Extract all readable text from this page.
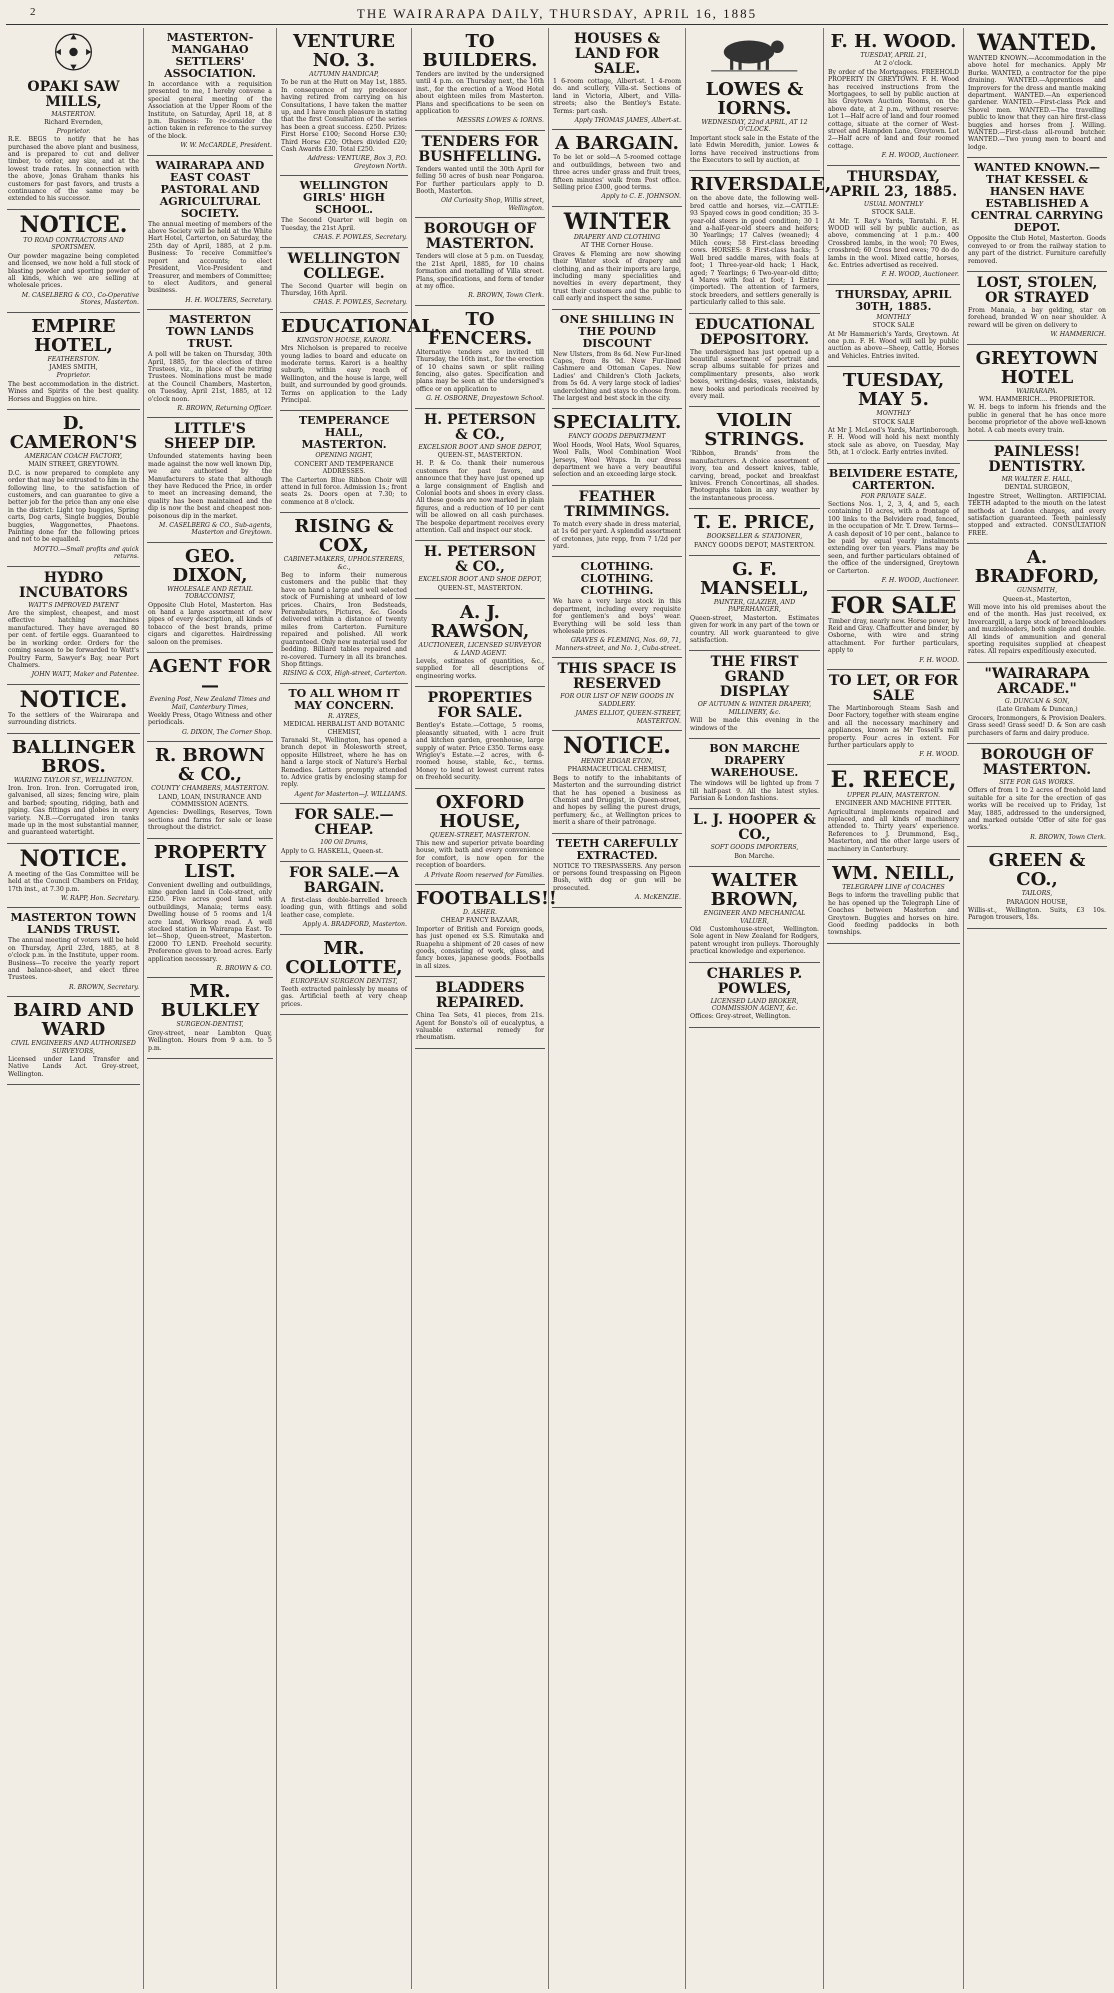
2	THE WAIRARAPA DAILY, THURSDAY, APRIL 16, 1885
OPAKI SAW MILLS,
MASTERTON.
Richard Evernden,
Proprietor.

R.E. BEGS to notify that he has purchased the above plant and business, and is prepared to cut and deliver timber, to order, any size, and at the lowest trade rates. In connection with the above, Jonas Graham thanks his customers for past favors, and trusts a continuance of the same may be extended to his successor.

NOTICE.
TO ROAD CONTRACTORS AND SPORTSMEN.

Our powder magazine being completed and licensed, we now hold a full stock of blasting powder and sporting powder of all kinds, which we are selling at wholesale prices.

M. CASELBERG & CO., Co-Operative Stores, Masterton.
EMPIRE HOTEL,
FEATHERSTON.
JAMES SMITH,
Proprietor.

The best accommodation in the district. Wines and Spirits of the best quality. Horses and Buggies on hire.

D. CAMERON'S
AMERICAN COACH FACTORY,
MAIN STREET, GREYTOWN.

D.C. is now prepared to complete any order that may be entrusted to him in the following line, to the satisfaction of customers, and can guarantee to give a better job for the price than any one else in the district: Light top buggies, Spring carts, Dog carts, Single buggies, Double buggies, Waggonettes, Phaetons. Painting done for the following prices and not to be equalled.

MOTTO.—Small profits and quick returns.
HYDRO INCUBATORS
WATT'S IMPROVED PATENT

Are the simplest, cheapest, and most effective hatching machines manufactured. They have averaged 80 per cent. of fertile eggs. Guaranteed to be in working order. Orders for the coming season to be forwarded to Watt's Poultry Farm, Sawyer's Bay, near Port Chalmers.

JOHN WATT, Maker and Patentee.
NOTICE.

To the settlers of the Wairarapa and surrounding districts.

BALLINGER BROS.
WARING TAYLOR ST., WELLINGTON.

Iron. Iron. Iron. Iron. Corrugated iron, galvanised, all sizes; fencing wire, plain and barbed; spouting, ridging, bath and piping. Gas fittings and globes in every variety. N.B.—Corrugated iron tanks made up in the most substantial manner, and guaranteed watertight.

NOTICE.

A meeting of the Gas Committee will be held at the Council Chambers on Friday, 17th inst., at 7.30 p.m.

W. RAPP, Hon. Secretary.
MASTERTON TOWN LANDS TRUST.

The annual meeting of voters will be held on Thursday, April 23rd, 1885, at 8 o'clock p.m. in the Institute, upper room. Business—To receive the yearly report and balance-sheet, and elect three Trustees.

R. BROWN, Secretary.
BAIRD AND WARD
CIVIL ENGINEERS AND AUTHORISED SURVEYORS,

Licensed under Land Transfer and Native Lands Act. Grey-street, Wellington.

MASTERTON-MANGAHAO SETTLERS' ASSOCIATION.

In accordance with a requisition presented to me, I hereby convene a special general meeting of the Association at the Upper Room of the Institute, on Saturday, April 18, at 8 p.m. Business: To re-consider the action taken in reference to the survey of the block.

W. W. McCARDLE, President.
WAIRARAPA AND EAST COAST PASTORAL AND AGRICULTURAL SOCIETY.

The annual meeting of members of the above Society will be held at the White Hart Hotel, Carterton, on Saturday, the 25th day of April, 1885, at 2 p.m. Business: To receive Committee's report and accounts; to elect President, Vice-President and Treasurer, and members of Committee; to elect Auditors, and general business.

H. H. WOLTERS, Secretary.
MASTERTON TOWN LANDS TRUST.

A poll will be taken on Thursday, 30th April, 1885, for the election of three Trustees, viz., in place of the retiring Trustees. Nominations must be made at the Council Chambers, Masterton, on Tuesday, April 21st, 1885, at 12 o'clock noon.

R. BROWN, Returning Officer.
LITTLE'S SHEEP DIP.

Unfounded statements having been made against the now well known Dip, we are authorised by the Manufacturers to state that although they have Reduced the Price, in order to meet an increasing demand, the quality has been maintained and the dip is now the best and cheapest non-poisonous dip in the market.

M. CASELBERG & CO., Sub-agents, Masterton and Greytown.
GEO. DIXON,
WHOLESALE AND RETAIL TOBACCONIST,

Opposite Club Hotel, Masterton. Has on hand a large assortment of new pipes of every description, all kinds of tobacco of the best brands, prime cigars and cigarettes. Hairdressing saloon on the premises.

AGENT FOR—
Evening Post, New Zealand Times and Mail, Canterbury Times,

Weekly Press, Otago Witness and other periodicals.

G. DIXON, The Corner Shop.
R. BROWN & CO.,
COUNTY CHAMBERS, MASTERTON.
LAND, LOAN, INSURANCE AND COMMISSION AGENTS.

Agencies: Dwellings, Reserves, Town sections and farms for sale or lease throughout the district.

PROPERTY LIST.

Convenient dwelling and outbuildings, nine garden land in Cole-street, only £250. Five acres good land with outbuildings, Manaia; terms easy. Dwelling house of 5 rooms and 1/4 acre land, Worksop road. A well stocked station in Wairarapa East. To let—Shop, Queen-street, Masterton. £2000 TO LEND. Freehold security. Preference given to broad acres. Early application necessary.

R. BROWN & CO.
MR. BULKLEY
SURGEON-DENTIST,

Grey-street, near Lambton Quay, Wellington. Hours from 9 a.m. to 5 p.m.

VENTURE NO. 3.
AUTUMN HANDICAP,

To be run at the Hutt on May 1st, 1885. In consequence of my predecessor having retired from carrying on his Consultations, I have taken the matter up, and I have much pleasure in stating that the first Consultation of the series has been a great success. £250. Prizes: First Horse £100; Second Horse £30; Third Horse £20; Others divided £20; Cash Awards £30. Total £250.

Address: VENTURE, Box 3, P.O. Greytown North.
WELLINGTON GIRLS' HIGH SCHOOL.

The Second Quarter will begin on Tuesday, the 21st April.

CHAS. F. POWLES, Secretary.
WELLINGTON COLLEGE.

The Second Quarter will begin on Thursday, 16th April.

CHAS. F. POWLES, Secretary.
EDUCATIONAL.
KINGSTON HOUSE, KARORI.

Mrs Nicholson is prepared to receive young ladies to board and educate on moderate terms. Karori is a healthy suburb, within easy reach of Wellington, and the house is large, well built, and surrounded by good grounds. Terms on application to the Lady Principal.

TEMPERANCE HALL, MASTERTON.
OPENING NIGHT,
CONCERT AND TEMPERANCE ADDRESSES.

The Carterton Blue Ribbon Choir will attend in full force. Admission 1s.; front seats 2s. Doors open at 7.30; to commence at 8 o'clock.

RISING & COX,
CABINET-MAKERS, UPHOLSTERERS, &c.,

Beg to inform their numerous customers and the public that they have on hand a large and well selected stock of Furnishing at unheard of low prices. Chairs, Iron Bedsteads, Perambulators, Pictures, &c. Goods delivered within a distance of twenty miles from Carterton. Furniture repaired and polished. All work guaranteed. Only new material used for bedding. Billiard tables repaired and re-covered. Turnery in all its branches. Shop fittings.

RISING & COX, High-street, Carterton.
TO ALL WHOM IT MAY CONCERN.
R. AYRES,
MEDICAL HERBALIST AND BOTANIC CHEMIST,

Taranaki St., Wellington, has opened a branch depot in Molesworth street, opposite Hillstreet, where he has on hand a large stock of Nature's Herbal Remedies. Letters promptly attended to. Advice gratis by enclosing stamp for reply.

Agent for Masterton—J. WILLIAMS.
FOR SALE.—CHEAP.
100 Oil Drums,

Apply to G. HASKELL, Queen-st.

FOR SALE.—A BARGAIN.

A first-class double-barrelled breech loading gun, with fittings and solid leather case, complete.

Apply A. BRADFORD, Masterton.
MR. COLLOTTE,
EUROPEAN SURGEON DENTIST,

Teeth extracted painlessly by means of gas. Artificial teeth at very cheap prices.

TO BUILDERS.

Tenders are invited by the undersigned until 4 p.m. on Thursday next, the 16th inst., for the erection of a Wood Hotel about eighteen miles from Masterton. Plans and specifications to be seen on application to

MESSRS LOWES & IORNS.
TENDERS FOR BUSHFELLING.

Tenders wanted until the 30th April for felling 50 acres of bush near Pongaroa. For further particulars apply to D. Booth, Masterton.

Old Curiosity Shop, Willis street, Wellington.
BOROUGH OF MASTERTON.

Tenders will close at 5 p.m. on Tuesday, the 21st April, 1885, for 10 chains formation and metalling of Villa street. Plans, specifications, and form of tender at my office.

R. BROWN, Town Clerk.
TO FENCERS.

Alternative tenders are invited till Thursday, the 16th inst., for the erection of 10 chains sawn or split railing fencing, also gates. Specification and plans may be seen at the undersigned's office or on application to

G. H. OSBORNE, Drayestown School.
H. PETERSON & CO.,
EXCELSIOR BOOT AND SHOE DEPOT,
QUEEN-ST., MASTERTON.

H. P. & Co. thank their numerous customers for past favors, and announce that they have just opened up a large consignment of English and Colonial boots and shoes in every class. All these goods are now marked in plain figures, and a reduction of 10 per cent will be allowed on all cash purchases. The bespoke department receives every attention. Call and inspect our stock.

H. PETERSON & CO.,
EXCELSIOR BOOT AND SHOE DEPOT,
QUEEN-ST., MASTERTON.

A. J. RAWSON,
AUCTIONEER, LICENSED SURVEYOR & LAND AGENT.

Levels, estimates of quantities, &c., supplied for all descriptions of engineering works.

PROPERTIES FOR SALE.

Bentley's Estate.—Cottage, 5 rooms, pleasantly situated, with 1 acre fruit and kitchen garden, greenhouse, large supply of water. Price £350. Terms easy. Wrigley's Estate.—2 acres, with 6-roomed house, stable, &c., terms. Money to lend at lowest current rates on freehold security.

OXFORD HOUSE,
QUEEN-STREET, MASTERTON.

This new and superior private boarding house, with bath and every convenience for comfort, is now open for the reception of boarders.

A Private Room reserved for Families.
FOOTBALLS!!
D. ASHER.
CHEAP FANCY BAZAAR,

Importer of British and Foreign goods, has just opened ex S.S. Rimutaka and Ruapehu a shipment of 20 cases of new goods, consisting of work, glass, and fancy boxes, japanese goods. Footballs in all sizes.

BLADDERS REPAIRED.

China Tea Sets, 41 pieces, from 21s. Agent for Bonsto's oil of eucalyptus, a valuable external remedy for rheumatism.

HOUSES & LAND FOR SALE.

1 6-room cottage, Albert-st. 1 4-room do. and scullery, Villa-st. Sections of land in Victoria, Albert, and Villa-streets; also the Bentley's Estate. Terms: part cash.

Apply THOMAS JAMES, Albert-st.
A BARGAIN.

To be let or sold—A 5-roomed cottage and outbuildings, between two and three acres under grass and fruit trees, fifteen minutes' walk from Post office. Selling price £300, good terms.

Apply to C. E. JOHNSON.
WINTER
DRAPERY AND CLOTHING
AT THE Corner House.

Graves & Fleming are now showing their Winter stock of drapery and clothing, and as their imports are large, including many specialities and novelties in every department, they trust their customers and the public to call early and inspect the same.

ONE SHILLING IN THE POUND DISCOUNT

New Ulsters, from 8s 6d. New Fur-lined Capes, from 8s 9d. New Fur-lined Cashmere and Ottoman Capes. New Ladies' and Children's Cloth Jackets, from 5s 6d. A very large stock of ladies' underclothing and stays to choose from. The largest and best stock in the city.

SPECIALITY.
FANCY GOODS DEPARTMENT

Wool Hoods, Wool Hats, Wool Squares, Wool Falls, Wool Combination Wool Jerseys, Wool Wraps. In our dress department we have a very beautiful selection and an exceeding large stock.

FEATHER TRIMMINGS.

To match every shade in dress material, at 1s 6d per yard. A splendid assortment of cretonnes, jute repp, from 7 1/2d per yard.

CLOTHING. CLOTHING. CLOTHING.

We have a very large stock in this department, including every requisite for gentlemen's and boys' wear. Everything will be sold less than wholesale prices.

GRAVES & FLEMING, Nos. 69, 71, Manners-street, and No. 1, Cuba-street.
THIS SPACE IS RESERVED
FOR OUR LIST OF NEW GOODS IN SADDLERY.

JAMES ELLIOT, QUEEN-STREET, MASTERTON.
NOTICE.
HENRY EDGAR ETON,
PHARMACEUTICAL CHEMIST,

Begs to notify to the inhabitants of Masterton and the surrounding district that he has opened a business as Chemist and Druggist, in Queen-street, and hopes by selling the purest drugs, perfumery, &c., at Wellington prices to merit a share of their patronage.

TEETH CAREFULLY EXTRACTED.

NOTICE TO TRESPASSERS. Any person or persons found trespassing on Pigeon Bush, with dog or gun will be prosecuted.

A. McKENZIE.
LOWES & IORNS.
WEDNESDAY, 22nd APRIL, AT 12 O'CLOCK.

Important stock sale in the Estate of the late Edwin Meredith, junior. Lowes & Iorns have received instructions from the Executors to sell by auction, at

RIVERSDALE,

on the above date, the following well-bred cattle and horses, viz.—CATTLE: 93 Spayed cows in good condition; 35 3-year-old steers in good condition; 30 1 and a-half-year-old steers and heifers; 30 Yearlings; 17 Calves (weaned); 4 Milch cows; 58 First-class breeding cows. HORSES: 8 First-class hacks; 5 Well bred saddle mares, with foals at foot; 1 Three-year-old hack; 1 Hack, aged; 7 Yearlings; 6 Two-year-old ditto; 4 Mares with foal at foot; 1 Entire (imported). The attention of farmers, stock breeders, and settlers generally is particularly called to this sale.

EDUCATIONAL DEPOSITORY.

The undersigned has just opened up a beautiful assortment of portrait and scrap albums suitable for prizes and complimentary presents, also work boxes, writing-desks, vases, inkstands, new books and periodicals received by every mail.

VIOLIN STRINGS.

'Ribbon, Brands' from the manufacturers. A choice assortment of ivory, tea and dessert knives, table, carving, bread, pocket and breakfast knives. French Concertinas, all shades. Photographs taken in any weather by the instantaneous process.

T. E. PRICE,
BOOKSELLER & STATIONER,
FANCY GOODS DEPOT, MASTERTON.

G. F. MANSELL,
PAINTER, GLAZIER, AND PAPERHANGER,

Queen-street, Masterton. Estimates given for work in any part of the town or country. All work guaranteed to give satisfaction.

THE FIRST GRAND DISPLAY
OF AUTUMN & WINTER DRAPERY, MILLINERY, &c.

Will be made this evening in the windows of the

BON MARCHE DRAPERY WAREHOUSE.

The windows will be lighted up from 7 till half-past 9. All the latest styles. Parisian & London fashions.

L. J. HOOPER & CO.,
SOFT GOODS IMPORTERS,
Bon Marche.

WALTER BROWN,
ENGINEER AND MECHANICAL VALUER,

Old Customhouse-street, Wellington. Sole agent in New Zealand for Rodgers, patent wrought iron pulleys. Thoroughly practical knowledge and experience.

CHARLES P. POWLES,
LICENSED LAND BROKER, COMMISSION AGENT, &c.

Offices: Grey-street, Wellington.

F. H. WOOD.
TUESDAY, APRIL 21,
At 2 o'clock.

By order of the Mortgagees. FREEHOLD PROPERTY IN GREYTOWN. F. H. Wood has received instructions from the Mortgagees, to sell by public auction at his Greytown Auction Rooms, on the above date, at 2 p.m., without reserve: Lot 1—Half acre of land and four roomed cottage, situate at the corner of West-street and Hampden Lane, Greytown. Lot 2—Half acre of land and four roomed cottage.

F. H. WOOD, Auctioneer.
THURSDAY, APRIL 23, 1885.
USUAL MONTHLY
STOCK SALE.

At Mr. T. Ray's Yards, Taratahi. F. H. WOOD will sell by public auction, as above, commencing at 1 p.m.: 400 Crossbred lambs, in the wool; 70 Ewes, crossbred; 60 Cross bred ewes; 70 do do lambs in the wool. Mixed cattle, horses, &c. Entries advertised as received.

F. H. WOOD, Auctioneer.
THURSDAY, APRIL 30TH, 1885.
MONTHLY
STOCK SALE

At Mr Hammerich's Yards, Greytown. At one p.m. F. H. Wood will sell by public auction as above—Sheep, Cattle, Horses and Vehicles. Entries invited.

TUESDAY, MAY 5.
MONTHLY
STOCK SALE

At Mr J. McLeod's Yards, Martinborough. F. H. Wood will hold his next monthly stock sale as above, on Tuesday, May 5th, at 1 o'clock. Early entries invited.

BELVIDERE ESTATE, CARTERTON.
FOR PRIVATE SALE.

Sections Nos. 1, 2, 3, 4, and 5, each containing 10 acres, with a frontage of 100 links to the Belvidere road, fenced, in the occupation of Mr. T. Drew. Terms—A cash deposit of 10 per cent., balance to be paid by equal yearly instalments extending over ten years. Plans may be seen, and further particulars obtained of the office of the undersigned, Greytown or Carterton.

F. H. WOOD, Auctioneer.
FOR SALE

Timber dray, nearly new. Horse power, by Reid and Gray. Chaffcutter and binder, by Osborne, with wire and string attachment. For further particulars, apply to

F. H. WOOD.
TO LET, OR FOR SALE

The Martinborough Steam Sash and Door Factory, together with steam engine and all the necessary machinery and appliances, known as Mr Tossell's mill property. Four acres in extent. For further particulars apply to

F. H. WOOD.
E. REECE,
UPPER PLAIN, MASTERTON.
ENGINEER AND MACHINE FITTER.

Agricultural implements repaired and replaced, and all kinds of machinery attended to. Thirty years' experience. References to J. Drummond, Esq., Masterton, and the other large users of machinery in Canterbury.

WM. NEILL,
TELEGRAPH LINE of COACHES

Begs to inform the travelling public that he has opened up the Telegraph Line of Coaches between Masterton and Greytown. Buggies and horses on hire. Good feeding paddocks in both townships.

WANTED.

WANTED KNOWN.—Accommodation in the above hotel for mechanics. Apply Mr Burke. WANTED, a contractor for the pipe draining. WANTED.—Apprentices and Improvers for the dress and mantle making department. WANTED.—An experienced gardener. WANTED.—First-class Pick and Shovel men. WANTED.—The travelling public to know that they can hire first-class buggies and horses from J. Willing. WANTED.—First-class all-round butcher. WANTED.—Two young men to board and lodge.

WANTED KNOWN.—THAT KESSEL & HANSEN HAVE ESTABLISHED A CENTRAL CARRYING DEPOT.

Opposite the Club Hotel, Masterton. Goods conveyed to or from the railway station to any part of the district. Furniture carefully removed.

LOST, STOLEN, OR STRAYED

From Manaia, a bay gelding, star on forehead, branded W on near shoulder. A reward will be given on delivery to

W. HAMMERICH.
GREYTOWN HOTEL
WAIRARAPA.
WM. HAMMERICH.... PROPRIETOR.

W. H. begs to inform his friends and the public in general that he has once more become proprietor of the above well-known hotel. A cab meets every train.

PAINLESS! DENTISTRY.
MR WALTER E. HALL,
DENTAL SURGEON,

Ingestre Street, Wellington. ARTIFICIAL TEETH adapted to the mouth on the latest methods at London charges, and every satisfaction guaranteed. Teeth painlessly stopped and extracted. CONSULTATION FREE.

A. BRADFORD,
GUNSMITH,
Queen-st., Masterton,

Will move into his old premises about the end of the month. Has just received, ex Invercargill, a large stock of breechloaders and muzzleloaders, both single and double. All kinds of ammunition and general sporting requisites supplied at cheapest rates. All repairs expeditiously executed.

"WAIRARAPA ARCADE."
G. DUNCAN & SON,
(Late Graham & Duncan,)

Grocers, Ironmongers, & Provision Dealers. Grass seed! Grass seed! D. & Son are cash purchasers of farm and dairy produce.

BOROUGH OF MASTERTON.
SITE FOR GAS WORKS.

Offers of from 1 to 2 acres of freehold land suitable for a site for the erection of gas works will be received up to Friday, 1st May, 1885, addressed to the undersigned, and marked outside 'Offer of site for gas works.'

R. BROWN, Town Clerk.
GREEN & CO.,
TAILORS,
PARAGON HOUSE,

Willis-st., Wellington. Suits, £3 10s. Paragon trousers, 18s.
